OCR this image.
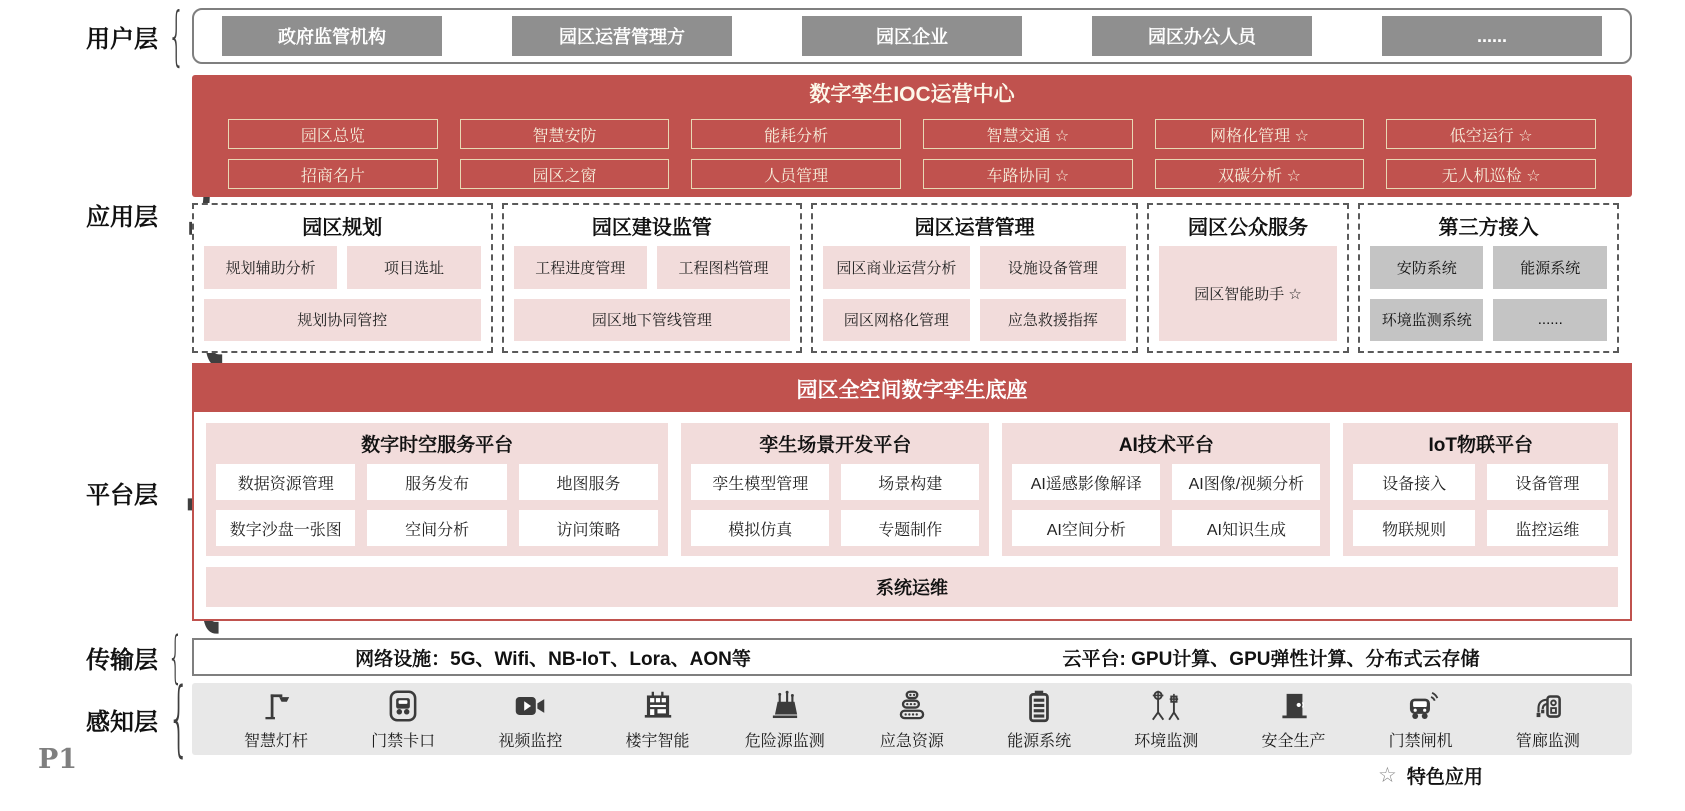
用户层
{
应用层
{
平台层
传输层
{
感知层
政府监管机构	园区运营管理方	园区企业	园区办公人员	......
数字孪生IOC运营中心
园区总览	智慧安防	能耗分析	智慧交通 ☆	网格化管理 ☆	低空运行 ☆
招商名片	园区之窗	人员管理	车路协同 ☆	双碳分析 ☆	无人机巡检 ☆
园区规划
规划辅助分析	项目选址
规划协同管控
园区建设监管
工程进度管理	工程图档管理
园区地下管线管理
园区运营管理
园区商业运营分析	设施设备管理
园区网格化管理	应急救援指挥
园区公众服务
园区智能助手 ☆
第三方接入
安防系统	能源系统
环境监测系统	......
园区全空间数字孪生底座
数字时空服务平台
数据资源管理	服务发布	地图服务
数字沙盘一张图	空间分析	访问策略
孪生场景开发平台
孪生模型管理	场景构建
模拟仿真	专题制作
AI技术平台
AI遥感影像解译	AI图像/视频分析
AI空间分析	AI知识生成
IoT物联平台
设备接入	设备管理
物联规则	监控运维
系统运维
网络设施：5G、Wifi、NB-IoT、Lora、AON等	云平台: GPU计算、GPU弹性计算、分布式云存储
智慧灯杆	门禁卡口	视频监控	楼宇智能	危险源监测	应急资源	能源系统	环境监测	安全生产	门禁闸机	管廊监测
P1
☆ 特色应用
